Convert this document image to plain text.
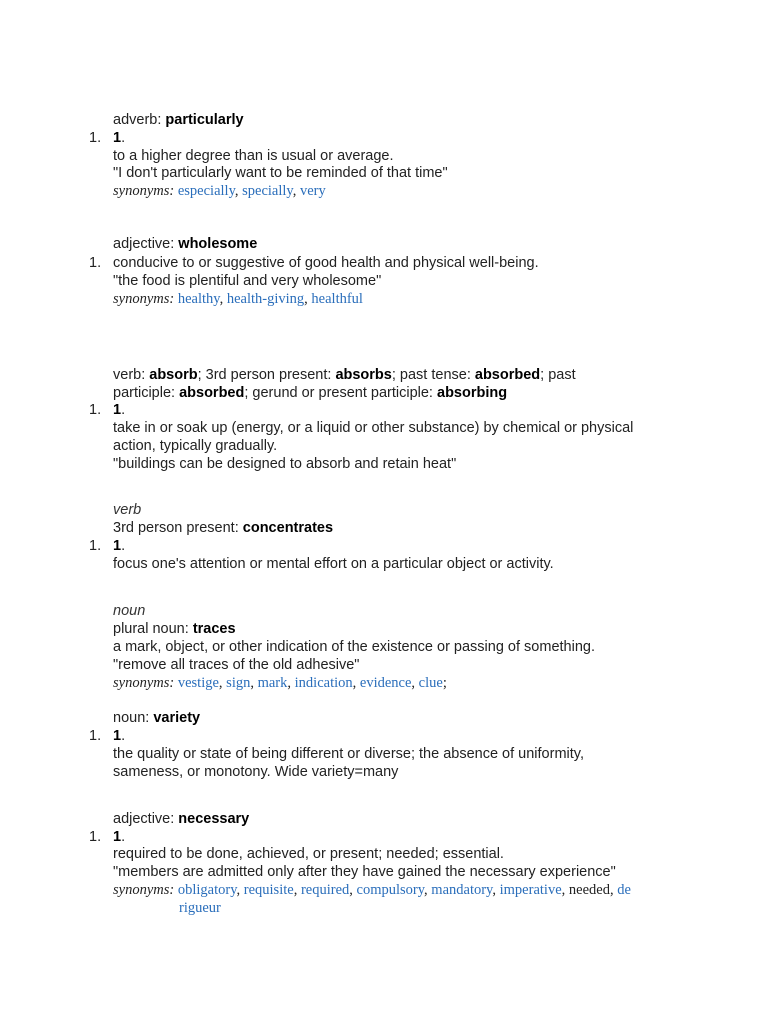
adverb: particularly
1. 1.
to a higher degree than is usual or average.
"I don't particularly want to be reminded of that time"
synonyms: especially, specially, very
adjective: wholesome
1. conducive to or suggestive of good health and physical well-being.
"the food is plentiful and very wholesome"
synonyms: healthy, health-giving, healthful
verb: absorb; 3rd person present: absorbs; past tense: absorbed; past
participle: absorbed; gerund or present participle: absorbing
1. 1.
take in or soak up (energy, or a liquid or other substance) by chemical or physical
action, typically gradually.
"buildings can be designed to absorb and retain heat"
verb
3rd person present: concentrates
1. 1.
focus one's attention or mental effort on a particular object or activity.
noun
plural noun: traces
a mark, object, or other indication of the existence or passing of something.
"remove all traces of the old adhesive"
synonyms: vestige, sign, mark, indication, evidence, clue;
noun: variety
1. 1.
the quality or state of being different or diverse; the absence of uniformity,
sameness, or monotony. Wide variety=many
adjective: necessary
1. 1.
required to be done, achieved, or present; needed; essential.
"members are admitted only after they have gained the necessary experience"
synonyms: obligatory, requisite, required, compulsory, mandatory, imperative, needed, de
rigueur
